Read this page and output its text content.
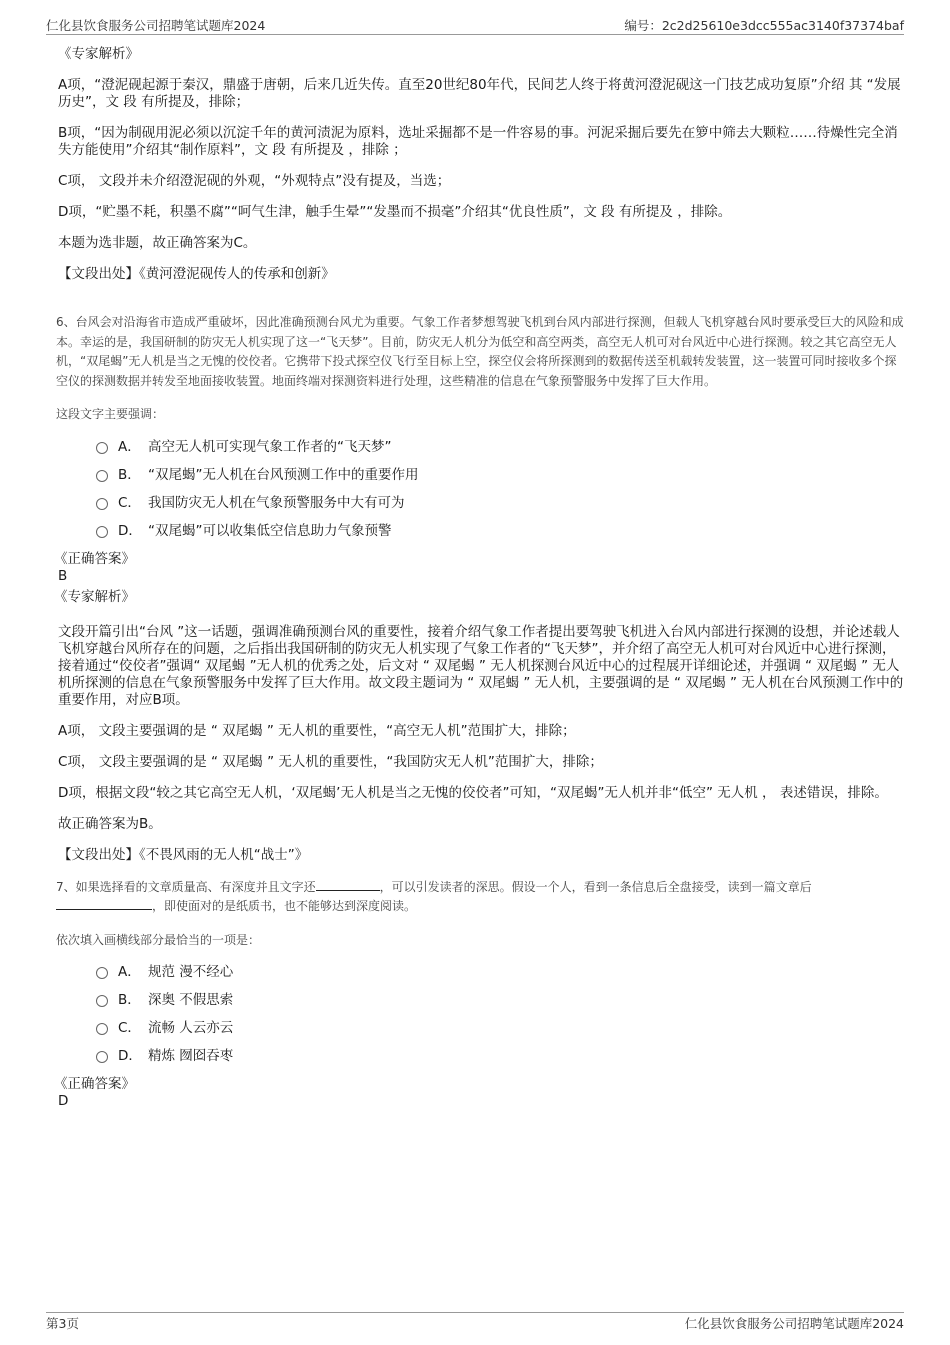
仁化县饮食服务公司招聘笔试题库2024	编号：2c2d25610e3dcc555ac3140f37374baf
《专家解析》
A项，“澄泥砚起源于秦汉，鼎盛于唐朝，后来几近失传。直至20世纪80年代，民间艺人终于将黄河澄泥砚这一门技艺成功复原”介绍 其 “发展历史”，文 段 有所提及，排除；
B项，“因为制砚用泥必须以沉淀千年的黄河渍泥为原料，选址采掘都不是一件容易的事。河泥采掘后要先在箩中筛去大颗粒……待燥性完全消失方能使用”介绍其“制作原料”，文 段 有所提及 ，排除 ；
C项， 文段并未介绍澄泥砚的外观，“外观特点”没有提及，当选；
D项，“贮墨不耗，积墨不腐”“呵气生津，触手生晕”“发墨而不损毫”介绍其“优良性质”，文 段 有所提及 ，排除。
本题为选非题，故正确答案为C。
【文段出处】《黄河澄泥砚传人的传承和创新》
6、台风会对沿海省市造成严重破坏，因此准确预测台风尤为重要。气象工作者梦想驾驶飞机到台风内部进行探测，但载人飞机穿越台风时要承受巨大的风险和成本。幸运的是，我国研制的防灾无人机实现了这一“飞天梦”。目前，防灾无人机分为低空和高空两类，高空无人机可对台风近中心进行探测。较之其它高空无人机，“双尾蝎”无人机是当之无愧的佼佼者。它携带下投式探空仪飞行至目标上空，探空仪会将所探测到的数据传送至机载转发装置，这一装置可同时接收多个探空仪的探测数据并转发至地面接收装置。地面终端对探测资料进行处理，这些精准的信息在气象预警服务中发挥了巨大作用。
这段文字主要强调：
A． 高空无人机可实现气象工作者的“飞天梦”
B． “双尾蝎”无人机在台风预测工作中的重要作用
C． 我国防灾无人机在气象预警服务中大有可为
D． “双尾蝎”可以收集低空信息助力气象预警
《正确答案》
B
《专家解析》
文段开篇引出“台风 ”这一话题，强调准确预测台风的重要性，接着介绍气象工作者提出要驾驶飞机进入台风内部进行探测的设想，并论述载人飞机穿越台风所存在的问题，之后指出我国研制的防灾无人机实现了气象工作者的“飞天梦”，并介绍了高空无人机可对台风近中心进行探测，接着通过“佼佼者”强调“ 双尾蝎 ”无人机的优秀之处，后文对 “ 双尾蝎 ” 无人机探测台风近中心的过程展开详细论述，并强调 “ 双尾蝎 ” 无人机所探测的信息在气象预警服务中发挥了巨大作用。故文段主题词为 “ 双尾蝎 ” 无人机，主要强调的是 “ 双尾蝎 ” 无人机在台风预测工作中的重要作用，对应B项。
A项， 文段主要强调的是 “ 双尾蝎 ” 无人机的重要性，“高空无人机”范围扩大，排除；
C项， 文段主要强调的是 “ 双尾蝎 ” 无人机的重要性，“我国防灾无人机”范围扩大，排除；
D项，根据文段“较之其它高空无人机，‘双尾蝎’无人机是当之无愧的佼佼者”可知，“双尾蝎”无人机并非“低空” 无人机 ， 表述错误，排除。
故正确答案为B。
【文段出处】《不畏风雨的无人机“战士”》
7、如果选择看的文章质量高、有深度并且文字还	，可以引发读者的深思。假设一个人，看到一条信息后全盘接受，读到一篇文章后
，即使面对的是纸质书，也不能够达到深度阅读。
依次填入画横线部分最恰当的一项是：
A． 规范 漫不经心
B． 深奥 不假思索
C． 流畅 人云亦云
D． 精炼 囫囵吞枣
《正确答案》
D
第3页	仁化县饮食服务公司招聘笔试题库2024
